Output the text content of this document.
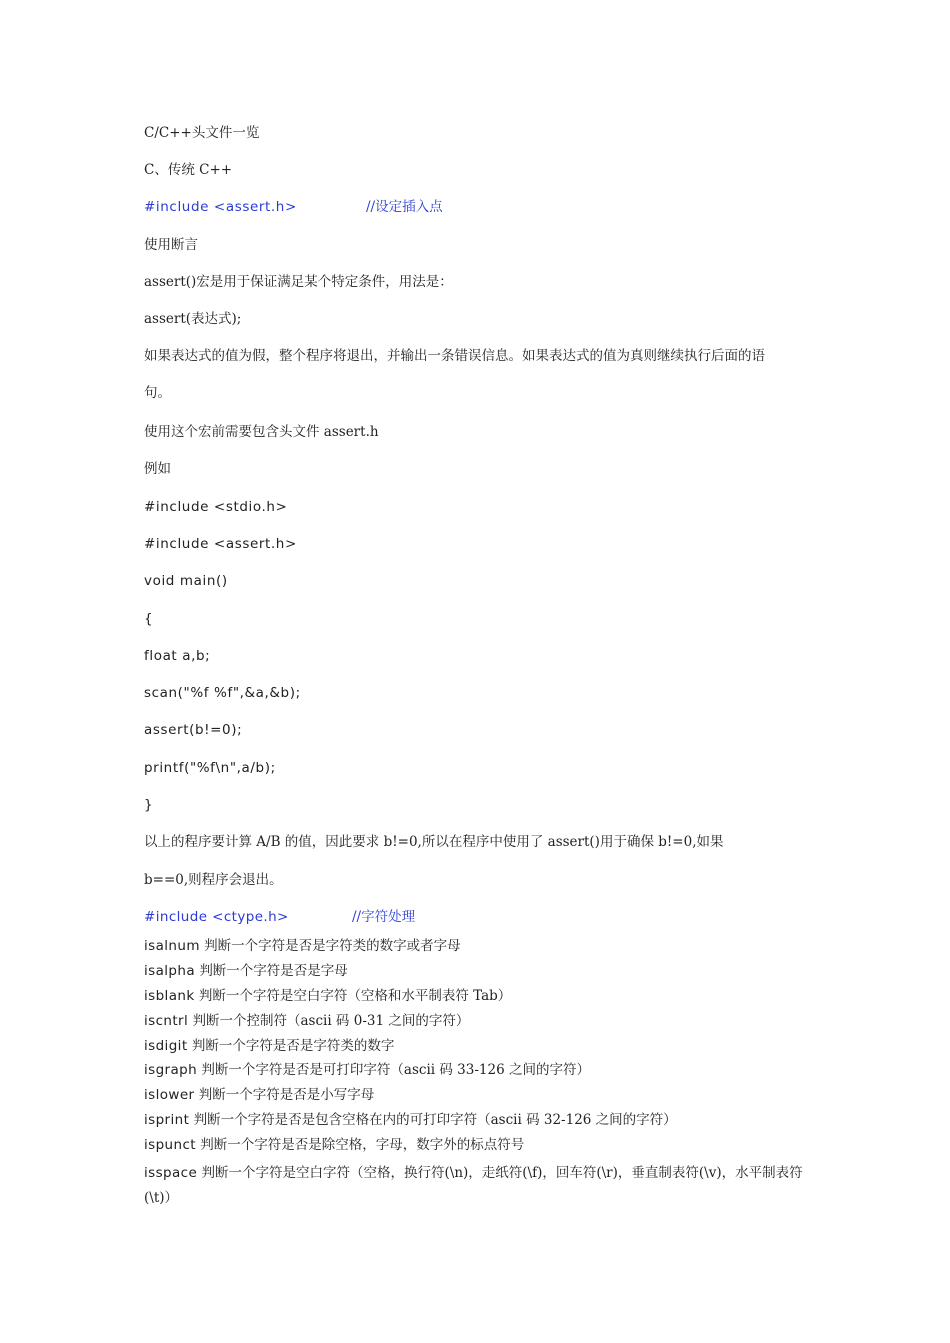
C/C++头文件一览

C、传统 C++

#include <assert.h>	//设定插入点

使用断言

assert()宏是用于保证满足某个特定条件，用法是：

assert(表达式);

如果表达式的值为假，整个程序将退出，并输出一条错误信息。如果表达式的值为真则继续执行后面的语

句。

使用这个宏前需要包含头文件 assert.h

例如

#include <stdio.h>

#include <assert.h>

void main()

{

float a,b;

scan("%f %f",&a,&b);

assert(b!=0);

printf("%f\n",a/b);

}

以上的程序要计算 A/B 的值，因此要求 b!=0,所以在程序中使用了 assert()用于确保 b!=0,如果

b==0,则程序会退出。

#include <ctype.h>	//字符处理

isalnum 判断一个字符是否是字符类的数字或者字母

isalpha 判断一个字符是否是字母

isblank 判断一个字符是空白字符（空格和水平制表符 Tab）

iscntrl 判断一个控制符（ascii 码 0-31 之间的字符）

isdigit 判断一个字符是否是字符类的数字

isgraph 判断一个字符是否是可打印字符（ascii 码 33-126 之间的字符）

islower 判断一个字符是否是小写字母

isprint 判断一个字符是否是包含空格在内的可打印字符（ascii 码 32-126 之间的字符）

ispunct 判断一个字符是否是除空格，字母，数字外的标点符号

isspace 判断一个字符是空白字符（空格，换行符(\n)，走纸符(\f)，回车符(\r)，垂直制表符(\v)，水平制表符(\t)）
